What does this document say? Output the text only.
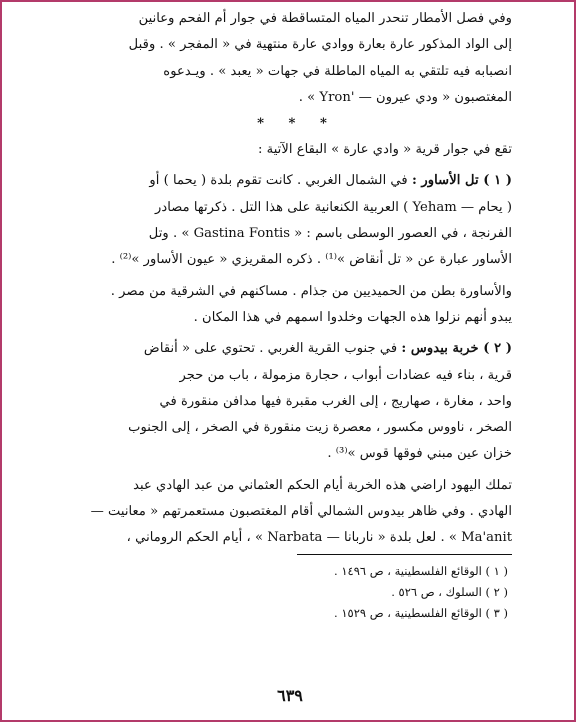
وفي فصل الأمطار تنحدر المياه المتساقطة في جوار أم الفحم وعانين
إلى الواد المذكور عارة بعارة ووادي عارة منتهية في « المفجر » . وقبل
انصبابه فيه تلتقي به المياه الماطلة في جهات « يعبد » . ويـدعوه
المغتصبون « ودي عيرون — 'Yron » .
* * *
تقع في جوار قرية « وادي عارة » البقاع الآتية :
( ١ ) تل الأساور : في الشمال الغربي . كانت تقوم بلدة ( يحما ) أو
( يحام — Yeham ) العربية الكنعانية على هذا التل . ذكرتها مصادر
الفرنجة ، في العصور الوسطى باسم : « Gastina Fontis » . وتل
الأساور عبارة عن « تل أنقاض »⁽¹⁾ . ذكره المقريزي « عيون الأساور »⁽²⁾ .
والأساورة بطن من الحميديين من جذام . مساكنهم في الشرقية من مصر .
يبدو أنهم نزلوا هذه الجهات وخلدوا اسمهم في هذا المكان .
( ٢ ) خربة بيدوس : في جنوب القرية الغربي . تحتوي على « أنقاض
قرية ، بناء فيه عضادات أبواب ، حجارة مزمولة ، باب من حجر
واحد ، مغارة ، صهاريج ، إلى الغرب مقبرة فيها مدافن منقورة في
الصخر ، ناووس مكسور ، معصرة زيت منقورة في الصخر ، إلى الجنوب
خزان عين مبني فوقها قوس »⁽³⁾ .
تملك اليهود اراضي هذه الخربة أيام الحكم العثماني من عبد الهادي عبد
الهادي . وفي ظاهر بيدوس الشمالي أقام المغتصبون مستعمرتهم « معانيت —
Ma'anit » . لعل بلدة « ناربانا — Narbata » ، أيام الحكم الروماني ،
( ١ ) الوقائع الفلسطينية ، ص ١٤٩٦ .
( ٢ ) السلوك ، ص ٥٢٦ .
( ٣ ) الوقائع الفلسطينية ، ص ١٥٢٩ .
٦٣٩
